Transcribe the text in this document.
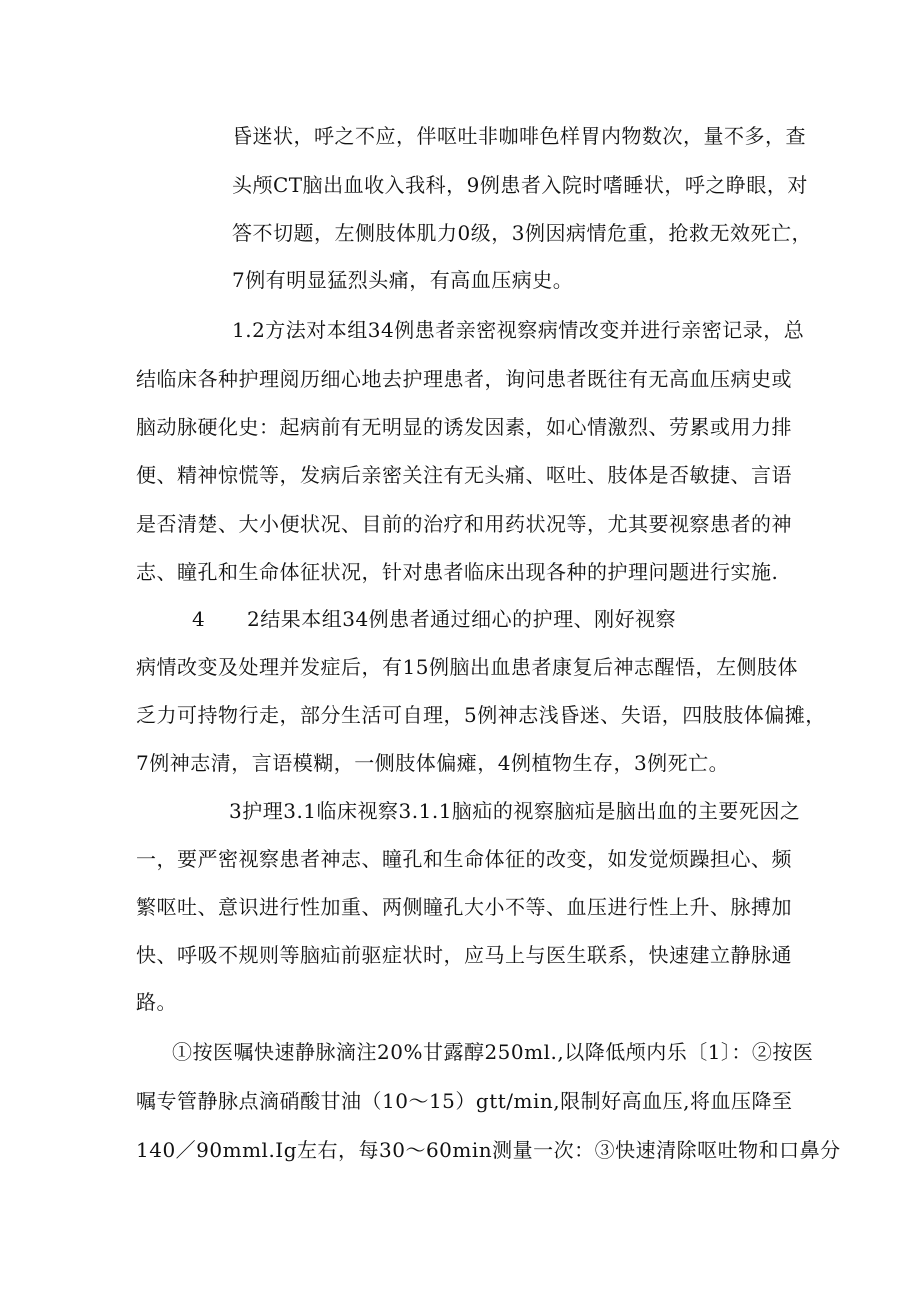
昏迷状，呼之不应，伴呕吐非咖啡色样胃内物数次，量不多，查
头颅CT脑出血收入我科，9例患者入院时嗜睡状，呼之睁眼，对
答不切题，左侧肢体肌力0级，3例因病情危重，抢救无效死亡，
7例有明显猛烈头痛，有高血压病史。
1.2方法对本组34例患者亲密视察病情改变并进行亲密记录，总
结临床各种护理阅历细心地去护理患者，询问患者既往有无高血压病史或
脑动脉硬化史：起病前有无明显的诱发因素，如心情激烈、劳累或用力排
便、精神惊慌等，发病后亲密关注有无头痛、呕吐、肢体是否敏捷、言语
是否清楚、大小便状况、目前的治疗和用药状况等，尤其要视察患者的神
志、瞳孔和生命体征状况，针对患者临床出现各种的护理问题进行实施.
4 2结果本组34例患者通过细心的护理、刚好视察
病情改变及处理并发症后，有15例脑出血患者康复后神志醒悟，左侧肢体
乏力可持物行走，部分生活可自理，5例神志浅昏迷、失语，四肢肢体偏摊，
7例神志清，言语模糊，一侧肢体偏瘫，4例植物生存，3例死亡。
3护理3.1临床视察3.1.1脑疝的视察脑疝是脑出血的主要死因之
一，要严密视察患者神志、瞳孔和生命体征的改变，如发觉烦躁担心、频
繁呕吐、意识进行性加重、两侧瞳孔大小不等、血压进行性上升、脉搏加
快、呼吸不规则等脑疝前驱症状时，应马上与医生联系，快速建立静脉通
路。
①按医嘱快速静脉滴注20%甘露醇250ml.,以降低颅内乐〔1〕：②按医
嘱专管静脉点滴硝酸甘油（10～15）gtt/min,限制好高血压,将血压降至
140／90mml.Ig左右，每30～60min测量一次：③快速清除呕吐物和口鼻分
